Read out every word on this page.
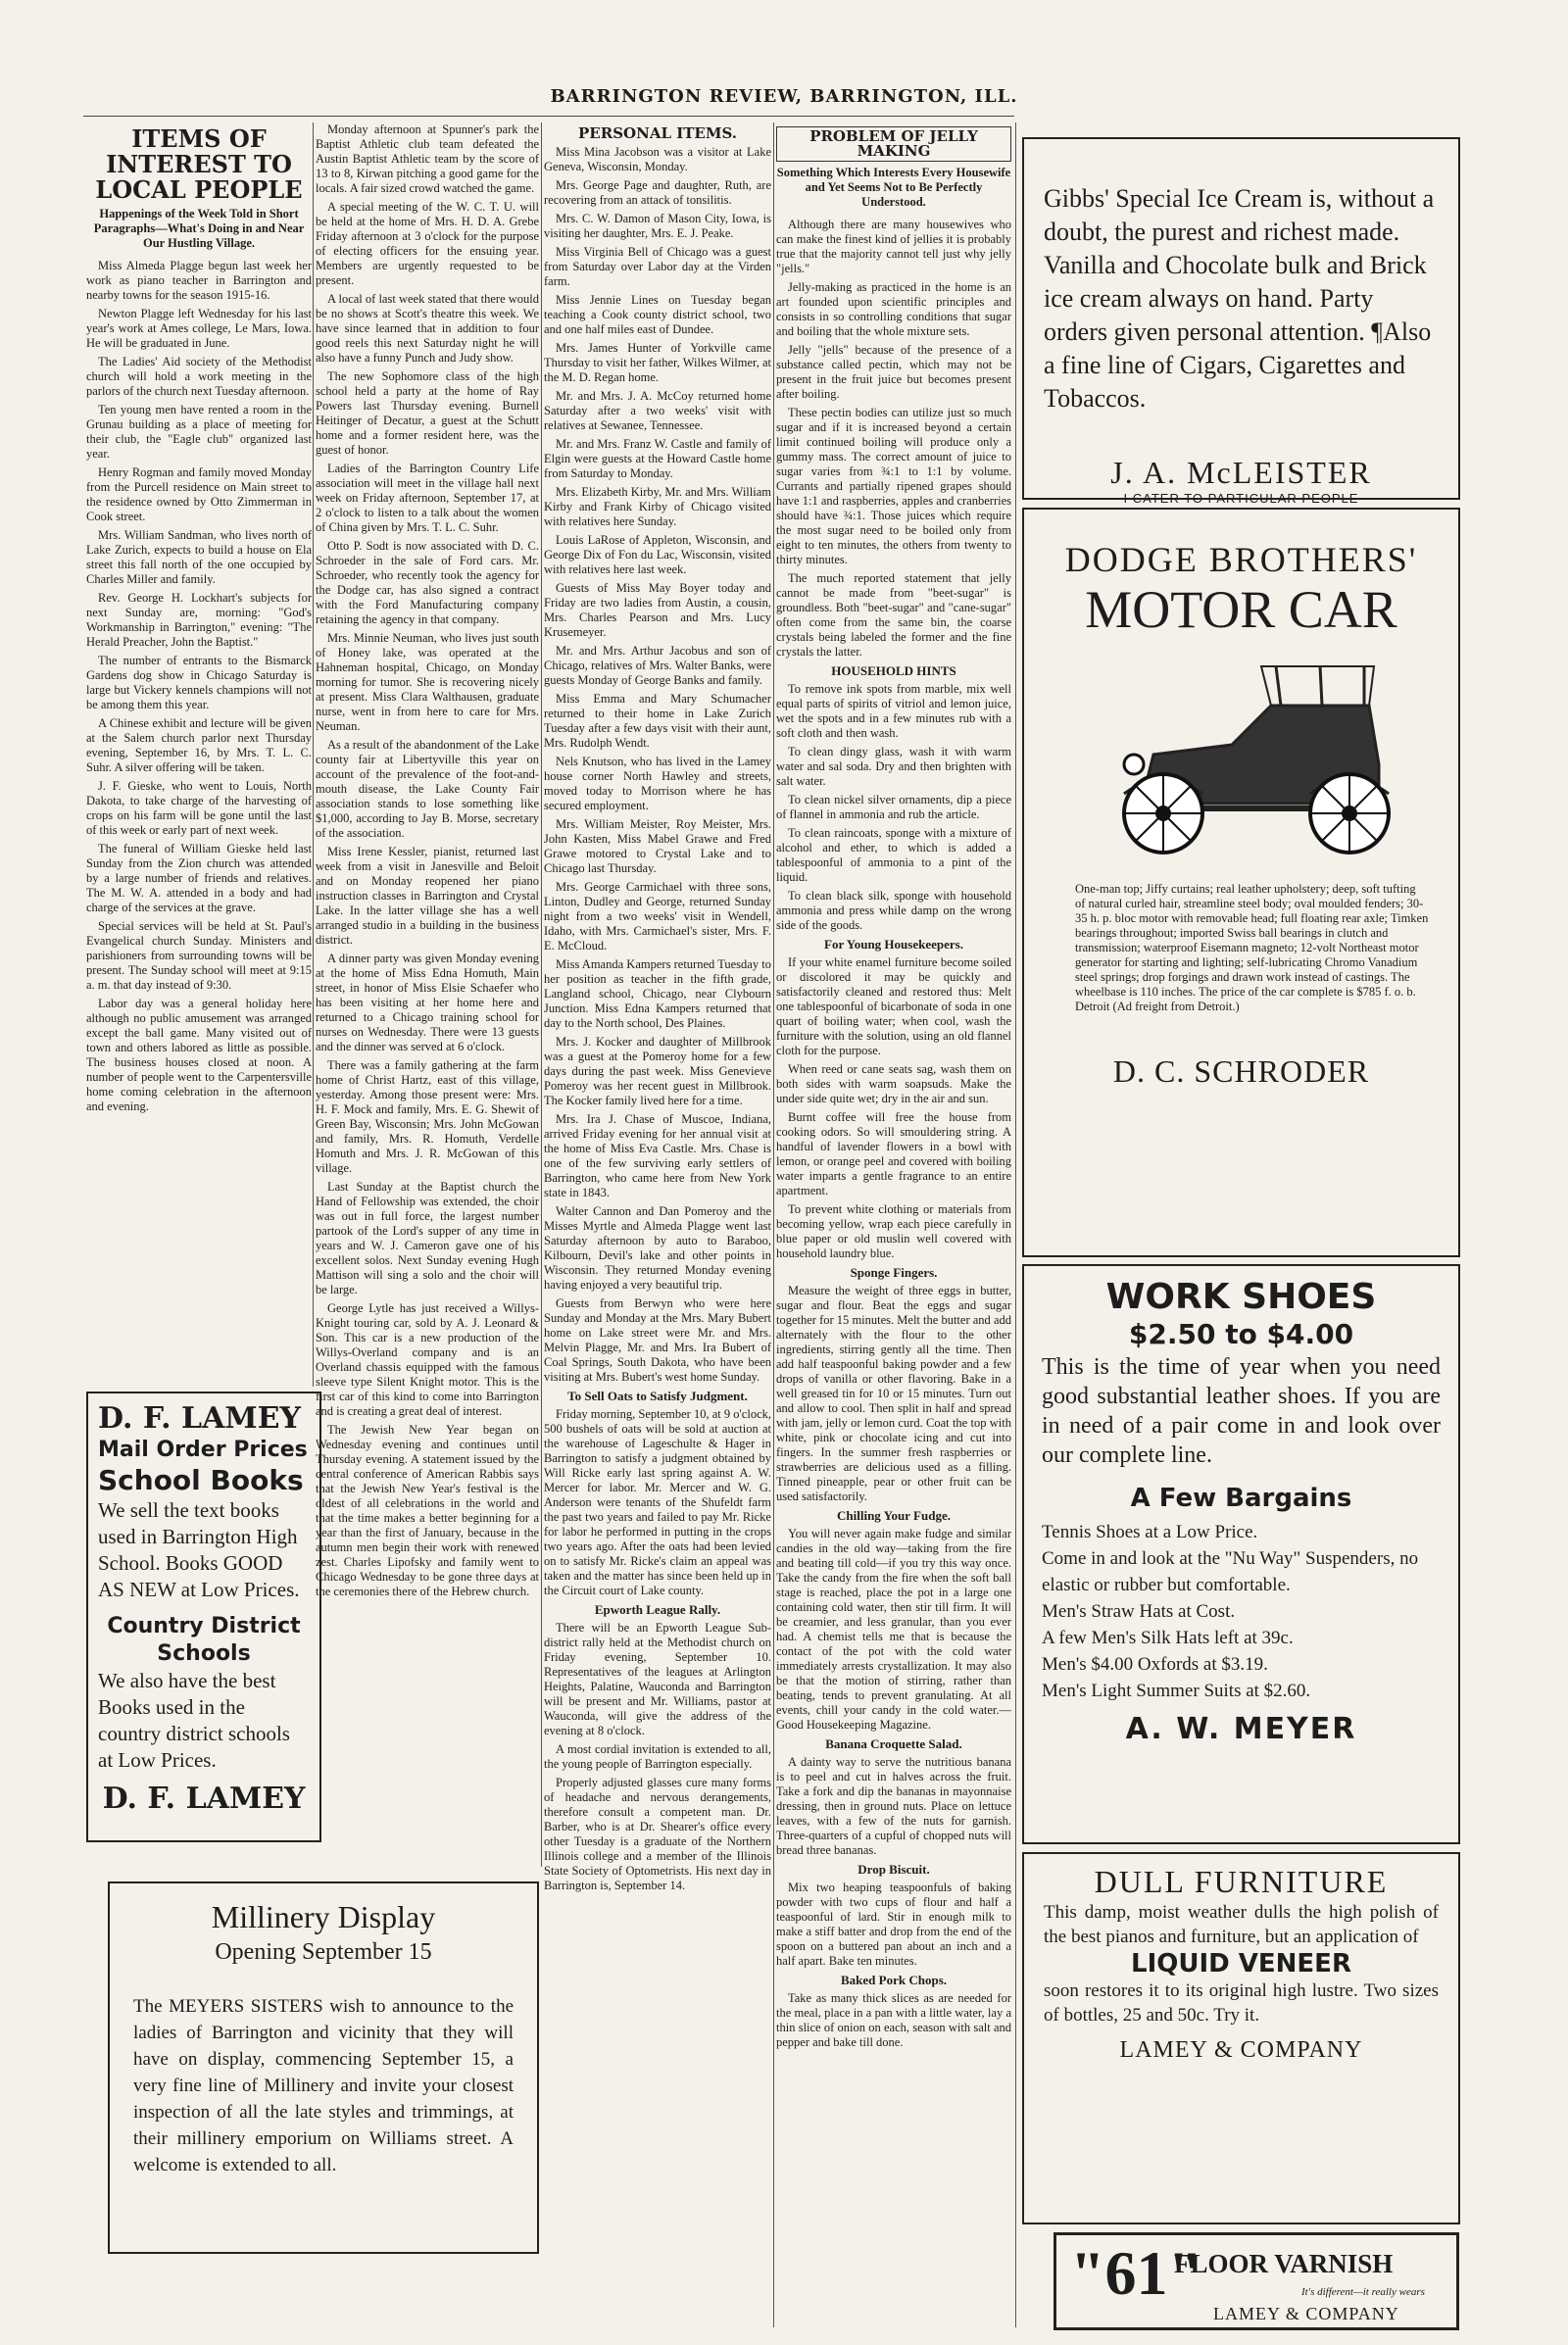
BARRINGTON REVIEW, BARRINGTON, ILL.
ITEMS OF INTEREST TO LOCAL PEOPLE
Happenings of the Week Told in Short Paragraphs—What's Doing in and Near Our Hustling Village.

Miss Almeda Plagge begun last week her work as piano teacher in Barrington and nearby towns for the season 1915-16.

Newton Plagge left Wednesday for his last year's work at Ames college, Le Mars, Iowa. He will be graduated in June.

The Ladies' Aid society of the Methodist church will hold a work meeting in the parlors of the church next Tuesday afternoon.

Ten young men have rented a room in the Grunau building as a place of meeting for their club, the "Eagle club" organized last year.

Henry Rogman and family moved Monday from the Purcell residence on Main street to the residence owned by Otto Zimmerman in Cook street.

Mrs. William Sandman, who lives north of Lake Zurich, expects to build a house on Ela street this fall north of the one occupied by Charles Miller and family.

Rev. George H. Lockhart's subjects for next Sunday are, morning: "God's Workmanship in Barrington," evening: "The Herald Preacher, John the Baptist."

The number of entrants to the Bismarck Gardens dog show in Chicago Saturday is large but Vickery kennels champions will not be among them this year.

A Chinese exhibit and lecture will be given at the Salem church parlor next Thursday evening, September 16, by Mrs. T. L. C. Suhr. A silver offering will be taken.

J. F. Gieske, who went to Louis, North Dakota, to take charge of the harvesting of crops on his farm will be gone until the last of this week or early part of next week.

The funeral of William Gieske held last Sunday from the Zion church was attended by a large number of friends and relatives. The M. W. A. attended in a body and had charge of the services at the grave.

Special services will be held at St. Paul's Evangelical church Sunday. Ministers and parishioners from surrounding towns will be present. The Sunday school will meet at 9:15 a. m. that day instead of 9:30.

Labor day was a general holiday here although no public amusement was arranged except the ball game. Many visited out of town and others labored as little as possible. The business houses closed at noon. A number of people went to the Carpentersville home coming celebration in the afternoon and evening.

Monday afternoon at Spunner's park the Baptist Athletic club team defeated the Austin Baptist Athletic team by the score of 13 to 8, Kirwan pitching a good game for the locals. A fair sized crowd watched the game.

A special meeting of the W. C. T. U. will be held at the home of Mrs. H. D. A. Grebe Friday afternoon at 3 o'clock for the purpose of electing officers for the ensuing year. Members are urgently requested to be present.

A local of last week stated that there would be no shows at Scott's theatre this week. We have since learned that in addition to four good reels this next Saturday night he will also have a funny Punch and Judy show.

The new Sophomore class of the high school held a party at the home of Ray Powers last Thursday evening. Burnell Heitinger of Decatur, a guest at the Schutt home and a former resident here, was the guest of honor.

Ladies of the Barrington Country Life association will meet in the village hall next week on Friday afternoon, September 17, at 2 o'clock to listen to a talk about the women of China given by Mrs. T. L. C. Suhr.

Otto P. Sodt is now associated with D. C. Schroeder in the sale of Ford cars. Mr. Schroeder, who recently took the agency for the Dodge car, has also signed a contract with the Ford Manufacturing company retaining the agency in that company.

Mrs. Minnie Neuman, who lives just south of Honey lake, was operated at the Hahneman hospital, Chicago, on Monday morning for tumor. She is recovering nicely at present. Miss Clara Walthausen, graduate nurse, went in from here to care for Mrs. Neuman.

As a result of the abandonment of the Lake county fair at Libertyville this year on account of the prevalence of the foot-and-mouth disease, the Lake County Fair association stands to lose something like $1,000, according to Jay B. Morse, secretary of the association.

Miss Irene Kessler, pianist, returned last week from a visit in Janesville and Beloit and on Monday reopened her piano instruction classes in Barrington and Crystal Lake. In the latter village she has a well arranged studio in a building in the business district.

A dinner party was given Monday evening at the home of Miss Edna Homuth, Main street, in honor of Miss Elsie Schaefer who has been visiting at her home here and returned to a Chicago training school for nurses on Wednesday. There were 13 guests and the dinner was served at 6 o'clock.

There was a family gathering at the farm home of Christ Hartz, east of this village, yesterday. Among those present were: Mrs. H. F. Mock and family, Mrs. E. G. Shewit of Green Bay, Wisconsin; Mrs. John McGowan and family, Mrs. R. Homuth, Verdelle Homuth and Mrs. J. R. McGowan of this village.

Last Sunday at the Baptist church the Hand of Fellowship was extended, the choir was out in full force, the largest number partook of the Lord's supper of any time in years and W. J. Cameron gave one of his excellent solos. Next Sunday evening Hugh Mattison will sing a solo and the choir will be large.

George Lytle has just received a Willys-Knight touring car, sold by A. J. Leonard & Son. This car is a new production of the Willys-Overland company and is an Overland chassis equipped with the famous sleeve type Silent Knight motor. This is the first car of this kind to come into Barrington and is creating a great deal of interest.

The Jewish New Year began on Wednesday evening and continues until Thursday evening. A statement issued by the central conference of American Rabbis says that the Jewish New Year's festival is the oldest of all celebrations in the world and that the time makes a better beginning for a year than the first of January, because in the autumn men begin their work with renewed zest. Charles Lipofsky and family went to Chicago Wednesday to be gone three days at the ceremonies there of the Hebrew church.

PERSONAL ITEMS.

Miss Mina Jacobson was a visitor at Lake Geneva, Wisconsin, Monday.

Mrs. George Page and daughter, Ruth, are recovering from an attack of tonsilitis.

Mrs. C. W. Damon of Mason City, Iowa, is visiting her daughter, Mrs. E. J. Peake.

Miss Virginia Bell of Chicago was a guest from Saturday over Labor day at the Virden farm.

Miss Jennie Lines on Tuesday began teaching a Cook county district school, two and one half miles east of Dundee.

Mrs. James Hunter of Yorkville came Thursday to visit her father, Wilkes Wilmer, at the M. D. Regan home.

Mr. and Mrs. J. A. McCoy returned home Saturday after a two weeks' visit with relatives at Sewanee, Tennessee.

Mr. and Mrs. Franz W. Castle and family of Elgin were guests at the Howard Castle home from Saturday to Monday.

Mrs. Elizabeth Kirby, Mr. and Mrs. William Kirby and Frank Kirby of Chicago visited with relatives here Sunday.

Louis LaRose of Appleton, Wisconsin, and George Dix of Fon du Lac, Wisconsin, visited with relatives here last week.

Guests of Miss May Boyer today and Friday are two ladies from Austin, a cousin, Mrs. Charles Pearson and Mrs. Lucy Krusemeyer.

Mr. and Mrs. Arthur Jacobus and son of Chicago, relatives of Mrs. Walter Banks, were guests Monday of George Banks and family.

Miss Emma and Mary Schumacher returned to their home in Lake Zurich Tuesday after a few days visit with their aunt, Mrs. Rudolph Wendt.

Nels Knutson, who has lived in the Lamey house corner North Hawley and streets, moved today to Morrison where he has secured employment.

Mrs. William Meister, Roy Meister, Mrs. John Kasten, Miss Mabel Grawe and Fred Grawe motored to Crystal Lake and to Chicago last Thursday.

Mrs. George Carmichael with three sons, Linton, Dudley and George, returned Sunday night from a two weeks' visit in Wendell, Idaho, with Mrs. Carmichael's sister, Mrs. F. E. McCloud.

Miss Amanda Kampers returned Tuesday to her position as teacher in the fifth grade, Langland school, Chicago, near Clybourn Junction. Miss Edna Kampers returned that day to the North school, Des Plaines.

Mrs. J. Kocker and daughter of Millbrook was a guest at the Pomeroy home for a few days during the past week. Miss Genevieve Pomeroy was her recent guest in Millbrook. The Kocker family lived here for a time.

Mrs. Ira J. Chase of Muscoe, Indiana, arrived Friday evening for her annual visit at the home of Miss Eva Castle. Mrs. Chase is one of the few surviving early settlers of Barrington, who came here from New York state in 1843.

Walter Cannon and Dan Pomeroy and the Misses Myrtle and Almeda Plagge went last Saturday afternoon by auto to Baraboo, Kilbourn, Devil's lake and other points in Wisconsin. They returned Monday evening having enjoyed a very beautiful trip.

Guests from Berwyn who were here Sunday and Monday at the Mrs. Mary Bubert home on Lake street were Mr. and Mrs. Melvin Plagge, Mr. and Mrs. Ira Bubert of Coal Springs, South Dakota, who have been visiting at Mrs. Bubert's west home Sunday.

To Sell Oats to Satisfy Judgment.

Friday morning, September 10, at 9 o'clock, 500 bushels of oats will be sold at auction at the warehouse of Lageschulte & Hager in Barrington to satisfy a judgment obtained by Will Ricke early last spring against A. W. Mercer for labor. Mr. Mercer and W. G. Anderson were tenants of the Shufeldt farm the past two years and failed to pay Mr. Ricke for labor he performed in putting in the crops two years ago. After the oats had been levied on to satisfy Mr. Ricke's claim an appeal was taken and the matter has since been held up in the Circuit court of Lake county.

Epworth League Rally.

There will be an Epworth League Sub-district rally held at the Methodist church on Friday evening, September 10. Representatives of the leagues at Arlington Heights, Palatine, Wauconda and Barrington will be present and Mr. Williams, pastor at Wauconda, will give the address of the evening at 8 o'clock.

A most cordial invitation is extended to all, the young people of Barrington especially.

Properly adjusted glasses cure many forms of headache and nervous derangements, therefore consult a competent man. Dr. Barber, who is at Dr. Shearer's office every other Tuesday is a graduate of the Northern Illinois college and a member of the Illinois State Society of Optometrists. His next day in Barrington is, September 14.

PROBLEM OF JELLY MAKING
Something Which Interests Every Housewife and Yet Seems Not to Be Perfectly Understood.

Although there are many housewives who can make the finest kind of jellies it is probably true that the majority cannot tell just why jelly "jells."

Jelly-making as practiced in the home is an art founded upon scientific principles and consists in so controlling conditions that sugar and boiling that the whole mixture sets.

Jelly "jells" because of the presence of a substance called pectin, which may not be present in the fruit juice but becomes present after boiling.

These pectin bodies can utilize just so much sugar and if it is increased beyond a certain limit continued boiling will produce only a gummy mass. The correct amount of juice to sugar varies from ¾:1 to 1:1 by volume. Currants and partially ripened grapes should have 1:1 and raspberries, apples and cranberries should have ¾:1. Those juices which require the most sugar need to be boiled only from eight to ten minutes, the others from twenty to thirty minutes.

The much reported statement that jelly cannot be made from "beet-sugar" is groundless. Both "beet-sugar" and "cane-sugar" often come from the same bin, the coarse crystals being labeled the former and the fine crystals the latter.

HOUSEHOLD HINTS

To remove ink spots from marble, mix well equal parts of spirits of vitriol and lemon juice, wet the spots and in a few minutes rub with a soft cloth and then wash.

To clean dingy glass, wash it with warm water and sal soda. Dry and then brighten with salt water.

To clean nickel silver ornaments, dip a piece of flannel in ammonia and rub the article.

To clean raincoats, sponge with a mixture of alcohol and ether, to which is added a tablespoonful of ammonia to a pint of the liquid.

To clean black silk, sponge with household ammonia and press while damp on the wrong side of the goods.

For Young Housekeepers.

If your white enamel furniture become soiled or discolored it may be quickly and satisfactorily cleaned and restored thus: Melt one tablespoonful of bicarbonate of soda in one quart of boiling water; when cool, wash the furniture with the solution, using an old flannel cloth for the purpose.

When reed or cane seats sag, wash them on both sides with warm soapsuds. Make the under side quite wet; dry in the air and sun.

Burnt coffee will free the house from cooking odors. So will smouldering string. A handful of lavender flowers in a bowl with lemon, or orange peel and covered with boiling water imparts a gentle fragrance to an entire apartment.

To prevent white clothing or materials from becoming yellow, wrap each piece carefully in blue paper or old muslin well covered with household laundry blue.

Sponge Fingers.

Measure the weight of three eggs in butter, sugar and flour. Beat the eggs and sugar together for 15 minutes. Melt the butter and add alternately with the flour to the other ingredients, stirring gently all the time. Then add half teaspoonful baking powder and a few drops of vanilla or other flavoring. Bake in a well greased tin for 10 or 15 minutes. Turn out and allow to cool. Then split in half and spread with jam, jelly or lemon curd. Coat the top with white, pink or chocolate icing and cut into fingers. In the summer fresh raspberries or strawberries are delicious used as a filling. Tinned pineapple, pear or other fruit can be used satisfactorily.

Chilling Your Fudge.

You will never again make fudge and similar candies in the old way—taking from the fire and beating till cold—if you try this way once. Take the candy from the fire when the soft ball stage is reached, place the pot in a large one containing cold water, then stir till firm. It will be creamier, and less granular, than you ever had. A chemist tells me that is because the contact of the pot with the cold water immediately arrests crystallization. It may also be that the motion of stirring, rather than beating, tends to prevent granulating. At all events, chill your candy in the cold water.—Good Housekeeping Magazine.

Banana Croquette Salad.

A dainty way to serve the nutritious banana is to peel and cut in halves across the fruit. Take a fork and dip the bananas in mayonnaise dressing, then in ground nuts. Place on lettuce leaves, with a few of the nuts for garnish. Three-quarters of a cupful of chopped nuts will bread three bananas.

Drop Biscuit.

Mix two heaping teaspoonfuls of baking powder with two cups of flour and half a teaspoonful of lard. Stir in enough milk to make a stiff batter and drop from the end of the spoon on a buttered pan about an inch and a half apart. Bake ten minutes.

Baked Pork Chops.

Take as many thick slices as are needed for the meal, place in a pan with a little water, lay a thin slice of onion on each, season with salt and pepper and bake till done.

D. F. LAMEY
Mail Order Prices
School Books
We sell the text books used in Barrington High School. Books GOOD AS NEW at Low Prices.
Country District Schools
We also have the best Books used in the country district schools at Low Prices.
D. F. LAMEY
Millinery Display
Opening September 15
The MEYERS SISTERS wish to announce to the ladies of Barrington and vicinity that they will have on display, commencing September 15, a very fine line of Millinery and invite your closest inspection of all the late styles and trimmings, at their millinery emporium on Williams street. A welcome is extended to all.
Gibbs' Special Ice Cream is, without a doubt, the purest and richest made. Vanilla and Chocolate bulk and Brick ice cream always on hand. Party orders given personal attention. ¶Also a fine line of Cigars, Cigarettes and Tobaccos.
J. A. McLEISTER
I CATER TO PARTICULAR PEOPLE
DODGE BROTHERS'
MOTOR CAR
One-man top; Jiffy curtains; real leather upholstery; deep, soft tufting of natural curled hair, streamline steel body; oval moulded fenders; 30-35 h. p. bloc motor with removable head; full floating rear axle; Timken bearings throughout; imported Swiss ball bearings in clutch and transmission; waterproof Eisemann magneto; 12-volt Northeast motor generator for starting and lighting; self-lubricating Chromo Vanadium steel springs; drop forgings and drawn work instead of castings. The wheelbase is 110 inches. The price of the car complete is $785 f. o. b. Detroit (Ad freight from Detroit.)
D. C. SCHRODER
WORK SHOES
$2.50 to $4.00
This is the time of year when you need good substantial leather shoes. If you are in need of a pair come in and look over our complete line.
A Few Bargains
Tennis Shoes at a Low Price.
Come in and look at the "Nu Way" Suspenders, no elastic or rubber but comfortable.
Men's Straw Hats at Cost.
A few Men's Silk Hats left at 39c.
Men's $4.00 Oxfords at $3.19.
Men's Light Summer Suits at $2.60.
A. W. MEYER
DULL FURNITURE
This damp, moist weather dulls the high polish of the best pianos and furniture, but an application of
LIQUID VENEER
soon restores it to its original high lustre. Two sizes of bottles, 25 and 50c. Try it.
LAMEY & COMPANY
"61"
FLOOR VARNISH
It's different—it really wears
LAMEY & COMPANY
